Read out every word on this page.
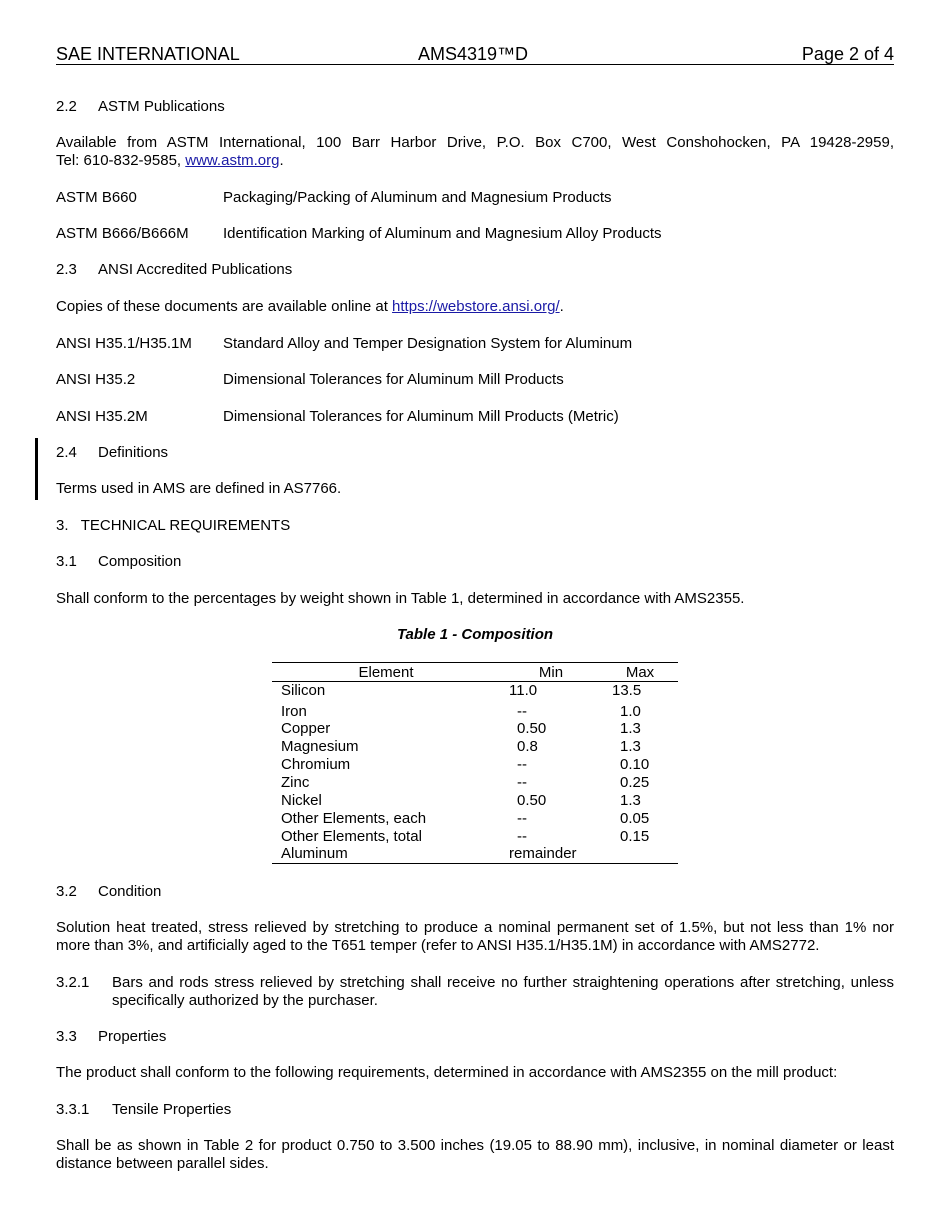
SAE INTERNATIONAL	AMS4319™D	Page 2 of 4
2.2 ASTM Publications
Available from ASTM International, 100 Barr Harbor Drive, P.O. Box C700, West Conshohocken, PA 19428-2959,
Tel: 610-832-9585, www.astm.org.
ASTM B660	Packaging/Packing of Aluminum and Magnesium Products
ASTM B666/B666M Identification Marking of Aluminum and Magnesium Alloy Products
2.3 ANSI Accredited Publications
Copies of these documents are available online at https://webstore.ansi.org/.
ANSI H35.1/H35.1M Standard Alloy and Temper Designation System for Aluminum
ANSI H35.2	Dimensional Tolerances for Aluminum Mill Products
ANSI H35.2M	Dimensional Tolerances for Aluminum Mill Products (Metric)
2.4 Definitions
Terms used in AMS are defined in AS7766.
3.   TECHNICAL REQUIREMENTS
3.1 Composition
Shall conform to the percentages by weight shown in Table 1, determined in accordance with AMS2355.
Table 1 - Composition
Element	Min	Max
Silicon	11.0	13.5
Iron	--	1.0
Copper	0.50	1.3
Magnesium	0.8	1.3
Chromium	--	0.10
Zinc	--	0.25
Nickel	0.50	1.3
Other Elements, each	--	0.05
Other Elements, total	--	0.15
Aluminum	remainder
3.2 Condition
Solution heat treated, stress relieved by stretching to produce a nominal permanent set of 1.5%, but not less than 1% nor
more than 3%, and artificially aged to the T651 temper (refer to ANSI H35.1/H35.1M) in accordance with AMS2772.
3.2.1 Bars and rods stress relieved by stretching shall receive no further straightening operations after stretching, unless
specifically authorized by the purchaser.
3.3 Properties
The product shall conform to the following requirements, determined in accordance with AMS2355 on the mill product:
3.3.1 Tensile Properties
Shall be as shown in Table 2 for product 0.750 to 3.500 inches (19.05 to 88.90 mm), inclusive, in nominal diameter or least
distance between parallel sides.
